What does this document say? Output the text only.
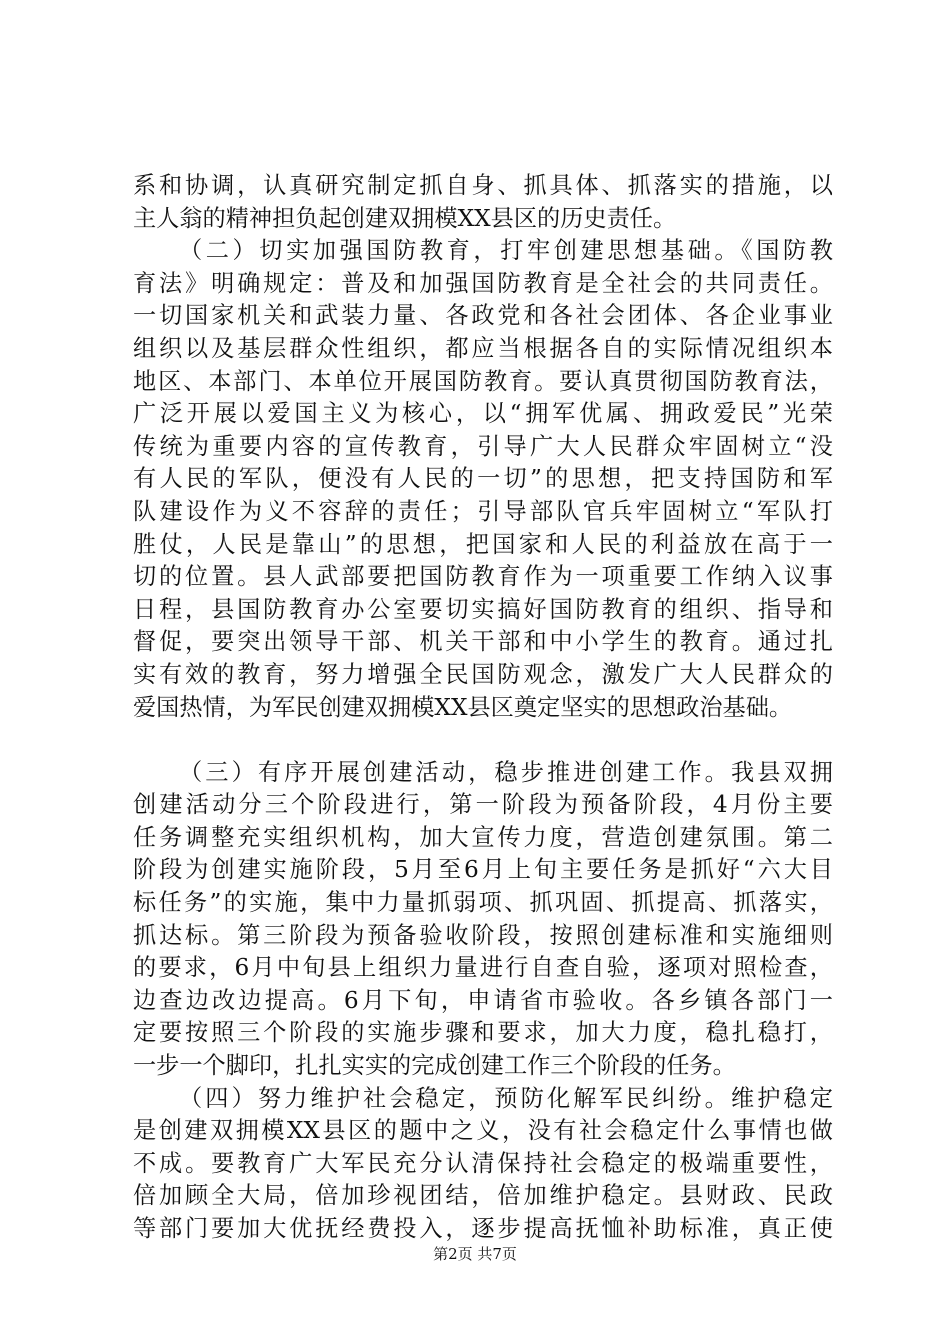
系和协调，认真研究制定抓自身、抓具体、抓落实的措施，以
主人翁的精神担负起创建双拥模XX县区的历史责任。
（二）切实加强国防教育，打牢创建思想基础。《国防教
育法》明确规定：普及和加强国防教育是全社会的共同责任。
一切国家机关和武装力量、各政党和各社会团体、各企业事业
组织以及基层群众性组织，都应当根据各自的实际情况组织本
地区、本部门、本单位开展国防教育。要认真贯彻国防教育法，
广泛开展以爱国主义为核心，以“拥军优属、拥政爱民”光荣
传统为重要内容的宣传教育，引导广大人民群众牢固树立“没
有人民的军队，便没有人民的一切”的思想，把支持国防和军
队建设作为义不容辞的责任；引导部队官兵牢固树立“军队打
胜仗，人民是靠山”的思想，把国家和人民的利益放在高于一
切的位置。县人武部要把国防教育作为一项重要工作纳入议事
日程，县国防教育办公室要切实搞好国防教育的组织、指导和
督促，要突出领导干部、机关干部和中小学生的教育。通过扎
实有效的教育，努力增强全民国防观念，激发广大人民群众的
爱国热情，为军民创建双拥模XX县区奠定坚实的思想政治基础。
（三）有序开展创建活动，稳步推进创建工作。我县双拥
创建活动分三个阶段进行，第一阶段为预备阶段，4月份主要
任务调整充实组织机构，加大宣传力度，营造创建氛围。第二
阶段为创建实施阶段，5月至6月上旬主要任务是抓好“六大目
标任务”的实施，集中力量抓弱项、抓巩固、抓提高、抓落实，
抓达标。第三阶段为预备验收阶段，按照创建标准和实施细则
的要求，6月中旬县上组织力量进行自查自验，逐项对照检查，
边查边改边提高。6月下旬，申请省市验收。各乡镇各部门一
定要按照三个阶段的实施步骤和要求，加大力度，稳扎稳打，
一步一个脚印，扎扎实实的完成创建工作三个阶段的任务。
（四）努力维护社会稳定，预防化解军民纠纷。维护稳定
是创建双拥模XX县区的题中之义，没有社会稳定什么事情也做
不成。要教育广大军民充分认清保持社会稳定的极端重要性，
倍加顾全大局，倍加珍视团结，倍加维护稳定。县财政、民政
等部门要加大优抚经费投入，逐步提高抚恤补助标准，真正使
第2页 共7页
